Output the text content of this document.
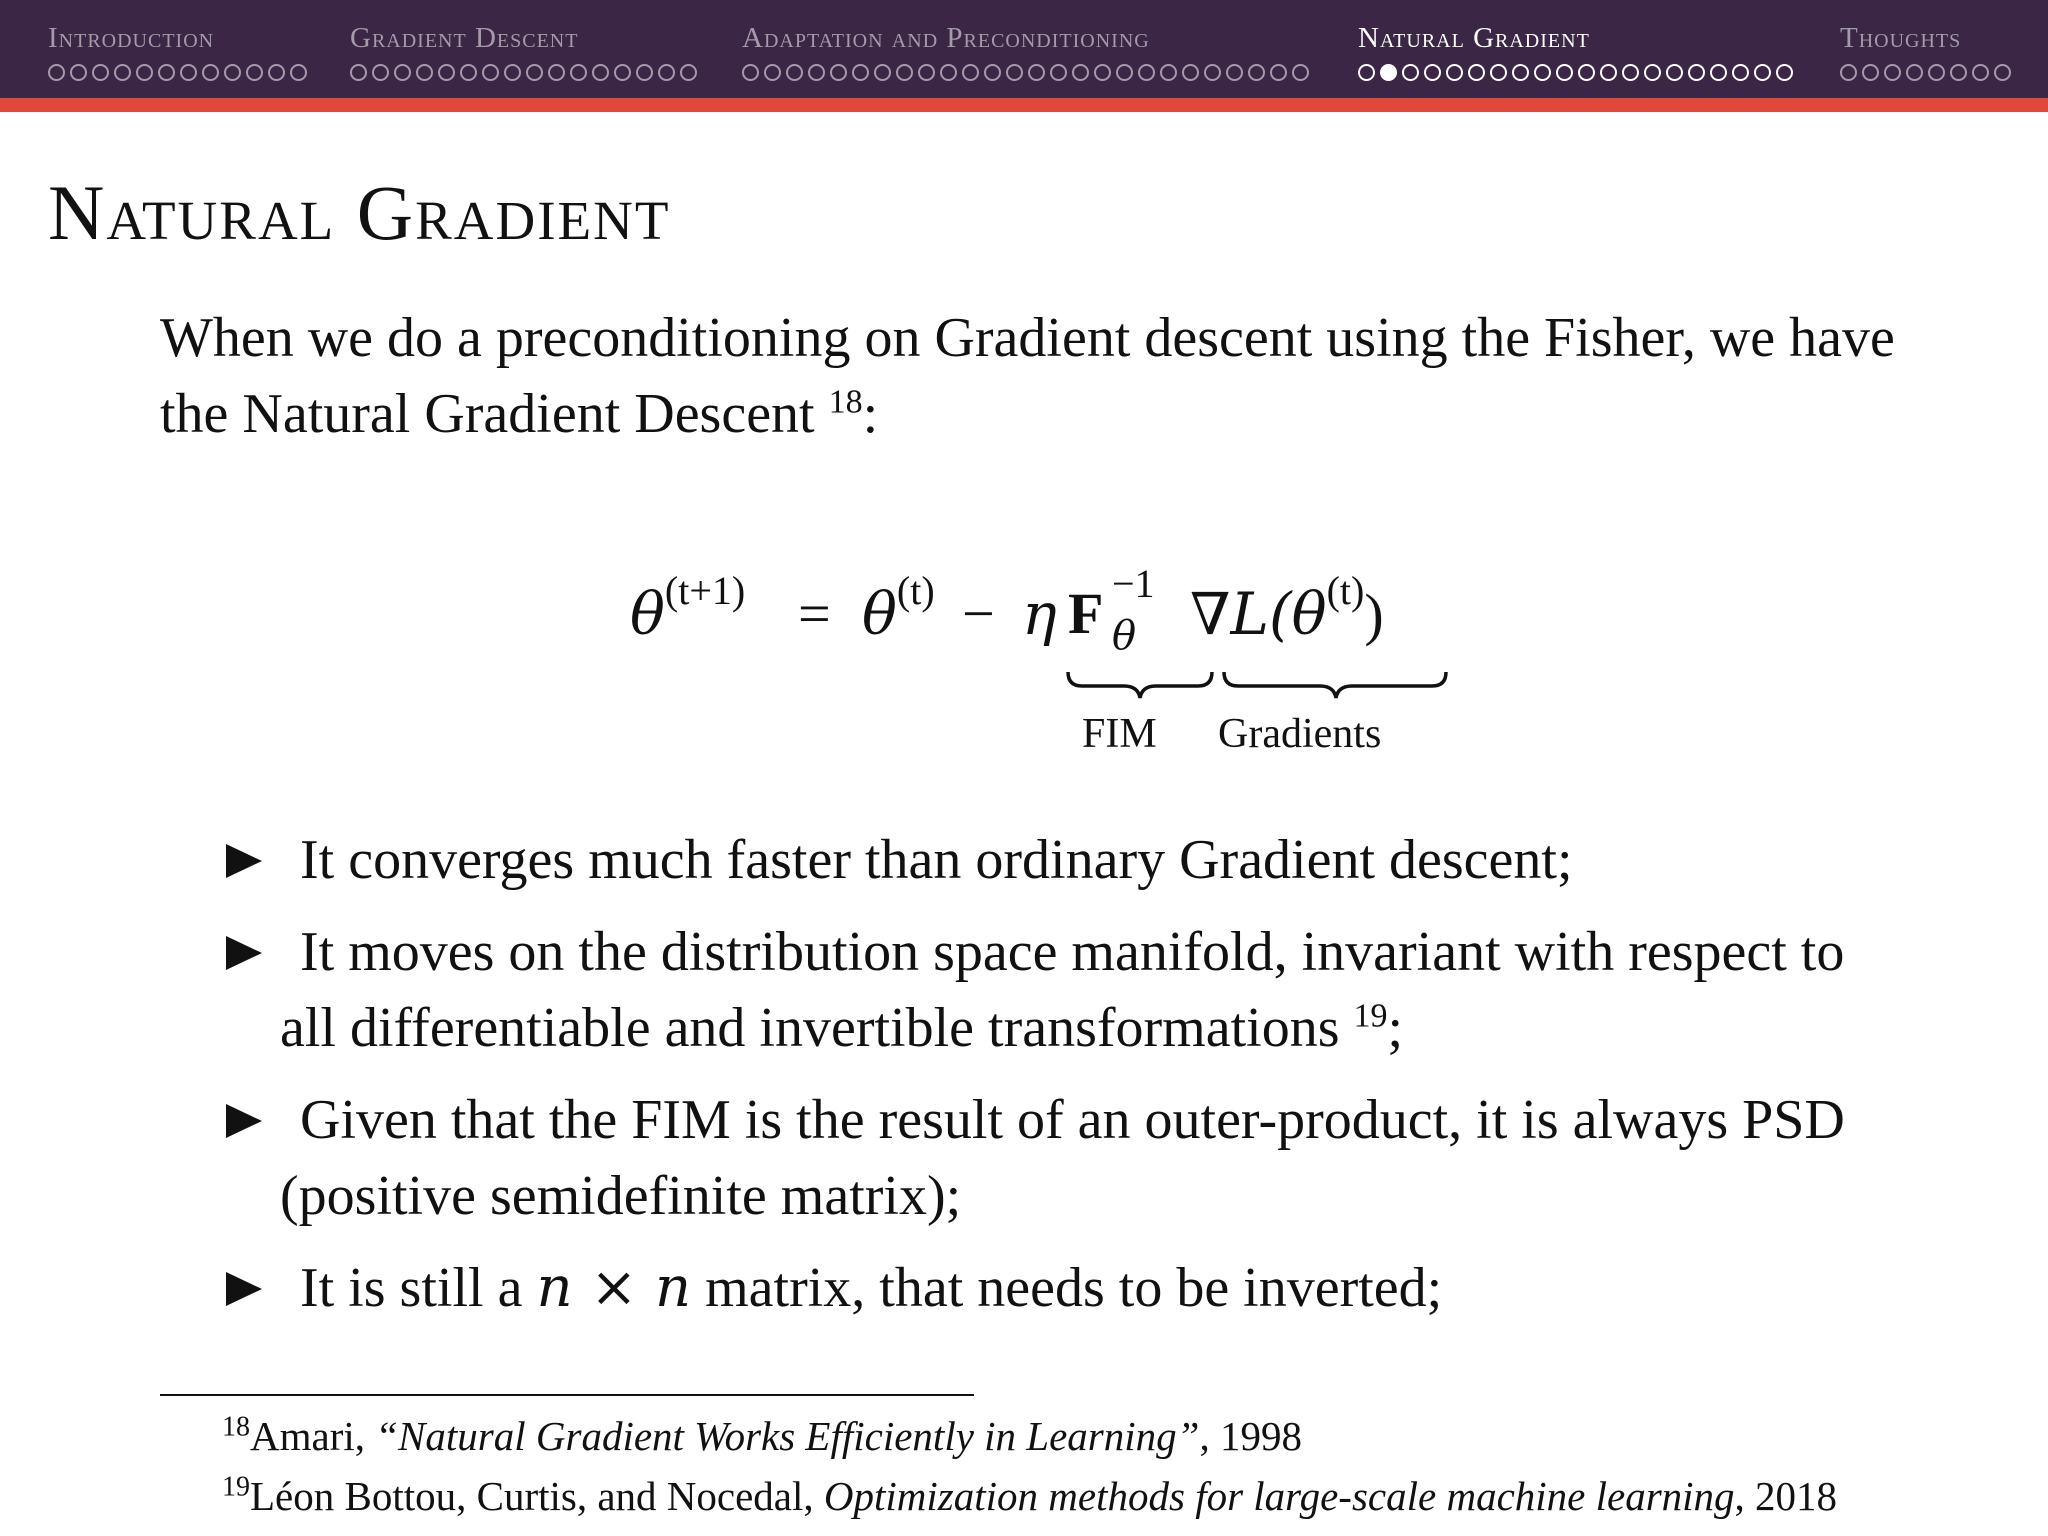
Introduction	Gradient Descent	Adaptation and Preconditioning	Natural Gradient	Thoughts
Natural Gradient
When we do a preconditioning on Gradient descent using the Fisher, we have the Natural Gradient Descent $^{18}$:
$\theta^{(t+1)} = \theta^{(t)} - \eta$ F θ
−1 $\nabla L(\theta^{(t)})$
FIM Gradients
It converges much faster than ordinary Gradient descent;
It moves on the distribution space manifold, invariant with respect to
all differentiable and invertible transformations $^{19}$;
Given that the FIM is the result of an outer-product, it is always PSD
(positive semidefinite matrix);
It is still a n × n matrix, that needs to be inverted;
$^{18}$Amari, “Natural Gradient Works Efficiently in Learning”, 1998
$^{19}$Léon Bottou, Curtis, and Nocedal, Optimization methods for large-scale machine learning, 2018
